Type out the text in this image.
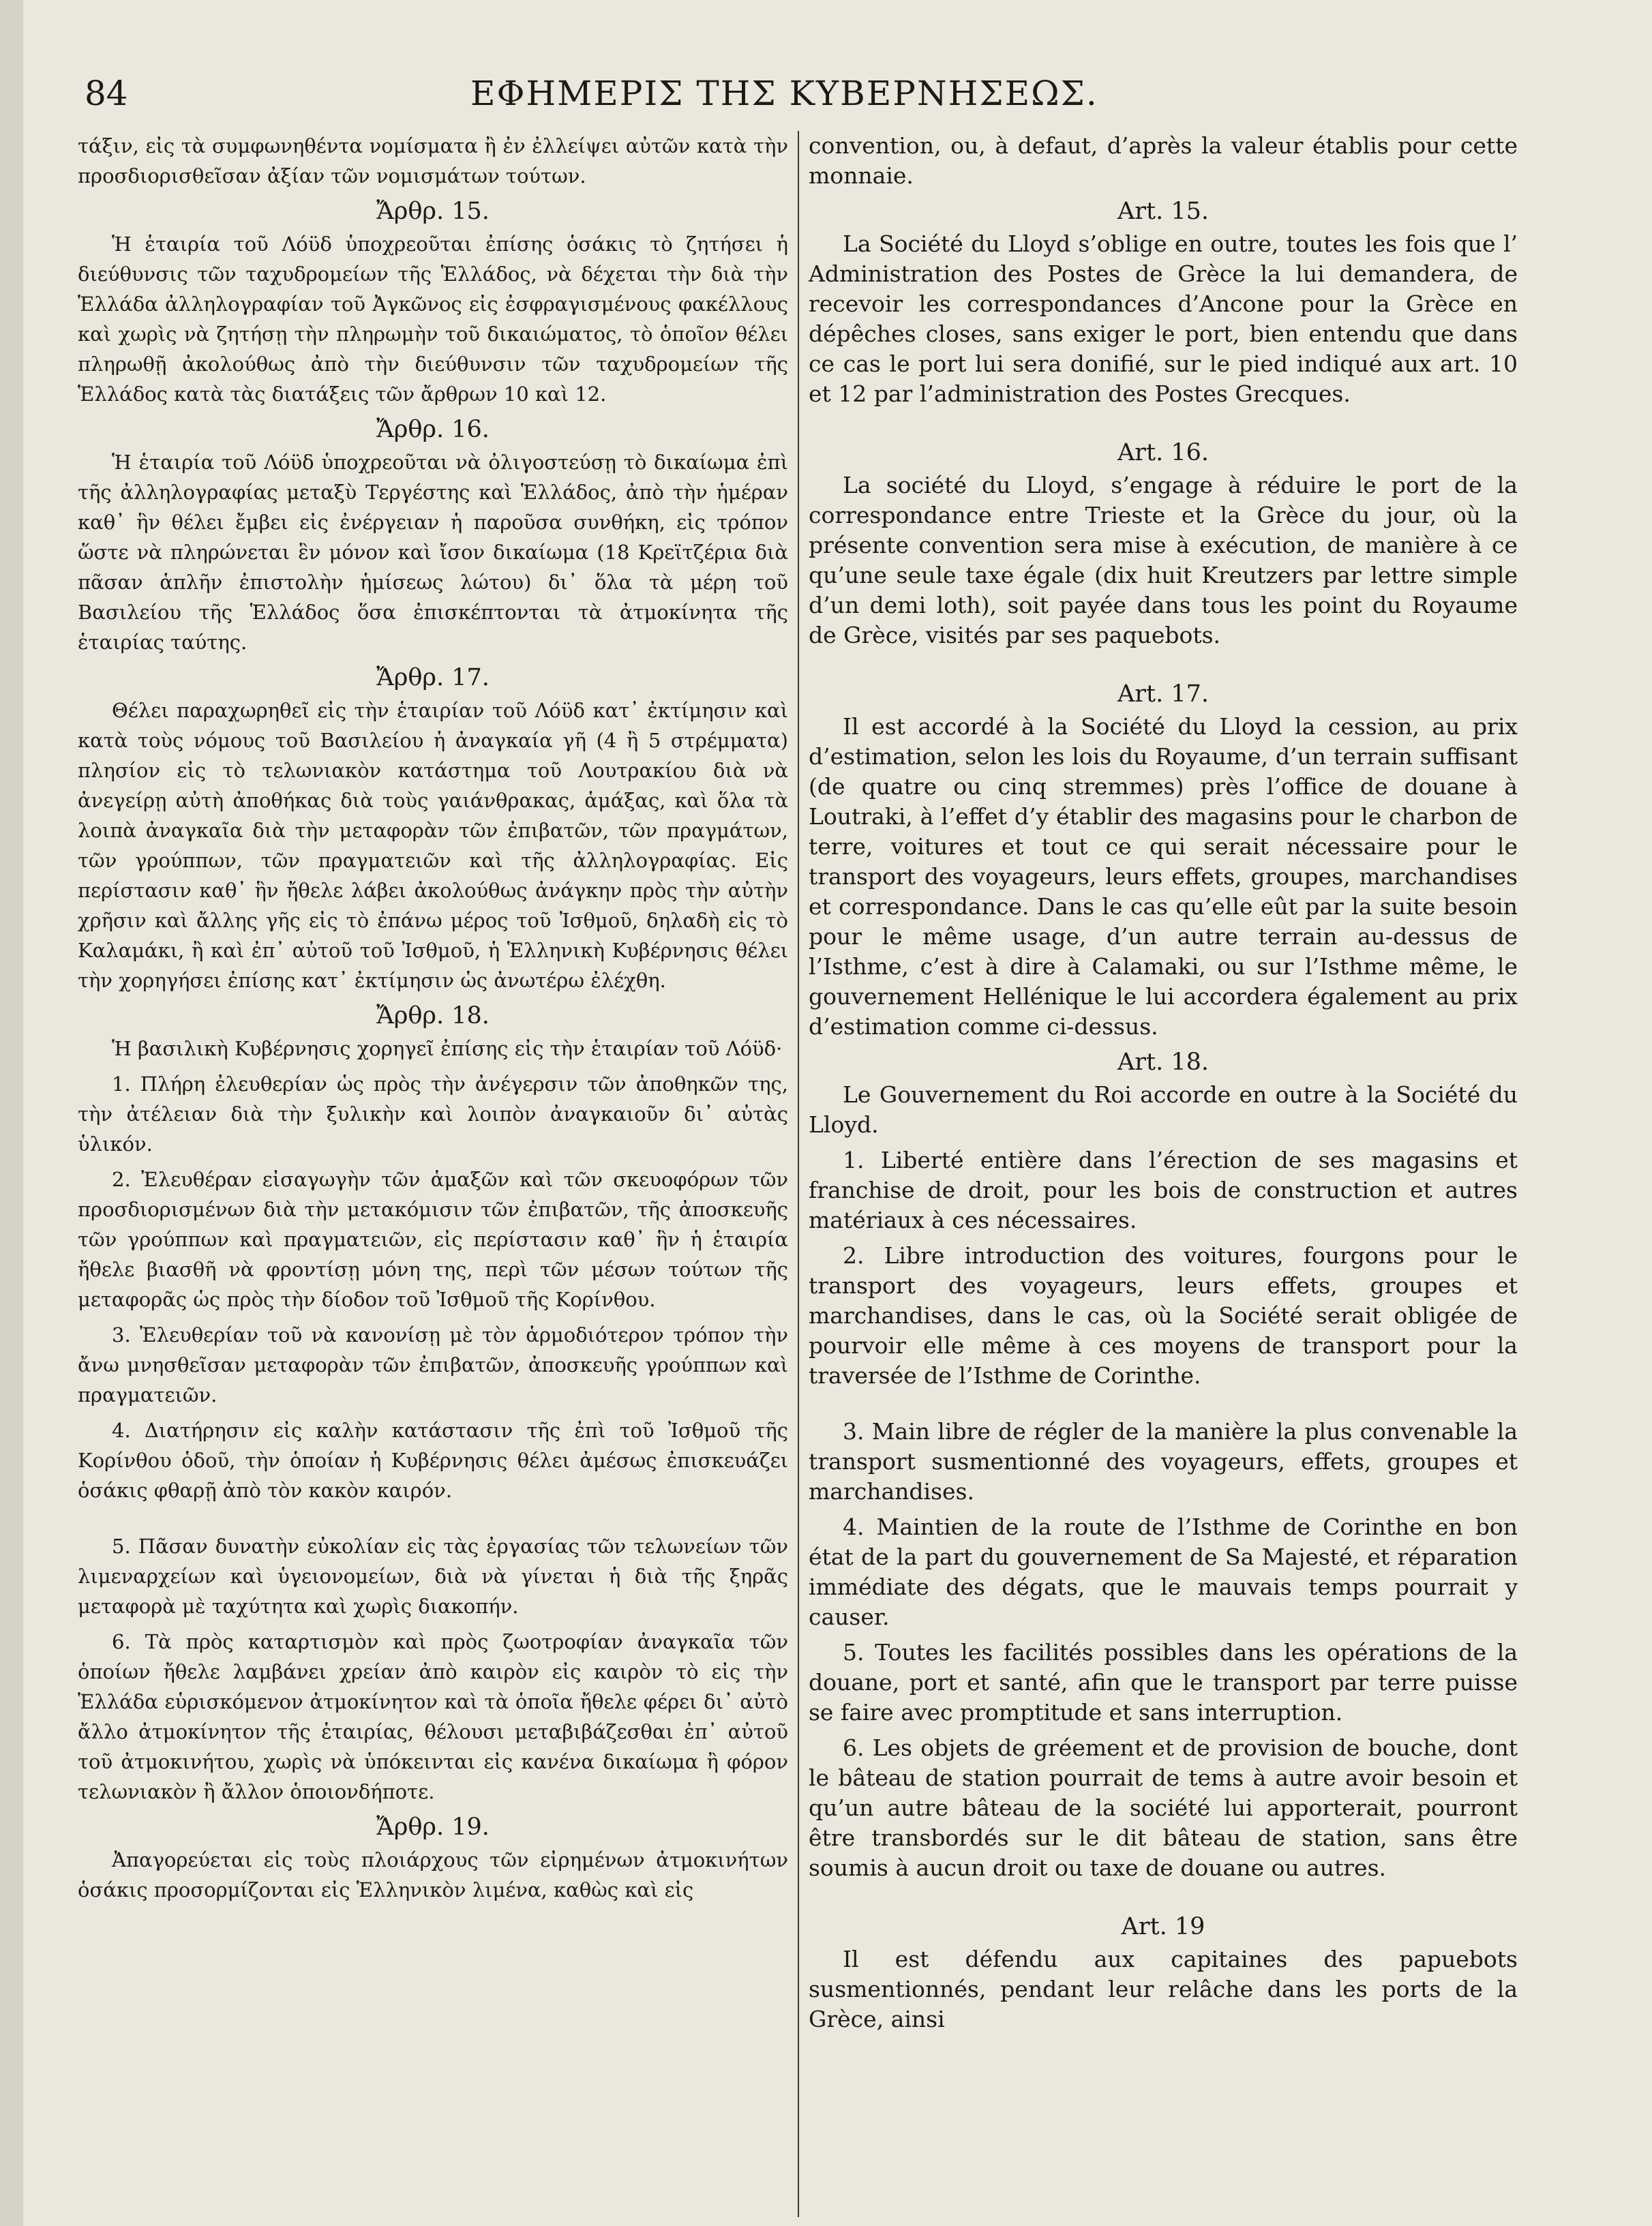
84	ΕΦΗΜΕΡΙΣ ΤΗΣ ΚΥΒΕΡΝΗΣΕΩΣ.

τάξιν, εἰς τὰ συμφωνηθέντα νομίσματα ἢ ἐν ἐλλείψει αὐτῶν κατὰ τὴν προσδιορισθεῖσαν ἀξίαν τῶν νομισμάτων τούτων.

Ἄρθρ. 15.

Ἡ ἑταιρία τοῦ Λόϋδ ὑποχρεοῦται ἐπίσης ὁσάκις τὸ ζητήσει ἡ διεύθυνσις τῶν ταχυδρομείων τῆς Ἑλλάδος, νὰ δέχεται τὴν διὰ τὴν Ἑλλάδα ἀλληλογραφίαν τοῦ Ἀγκῶνος εἰς ἐσφραγισμένους φακέλλους καὶ χωρὶς νὰ ζητήσῃ τὴν πληρωμὴν τοῦ δικαιώματος, τὸ ὁποῖον θέλει πληρωθῇ ἀκολούθως ἀπὸ τὴν διεύθυνσιν τῶν ταχυδρομείων τῆς Ἑλλάδος κατὰ τὰς διατάξεις τῶν ἄρθρων 10 καὶ 12.

Ἄρθρ. 16.

Ἡ ἑταιρία τοῦ Λόϋδ ὑποχρεοῦται νὰ ὀλιγοστεύσῃ τὸ δικαίωμα ἐπὶ τῆς ἀλληλογραφίας μεταξὺ Τεργέστης καὶ Ἑλλάδος, ἀπὸ τὴν ἡμέραν καθ᾽ ἣν θέλει ἔμβει εἰς ἐνέργειαν ἡ παροῦσα συνθήκη, εἰς τρόπον ὥστε νὰ πληρώνεται ἓν μόνον καὶ ἴσον δικαίωμα (18 Κρεϊτζέρια διὰ πᾶσαν ἁπλῆν ἐπιστολὴν ἡμίσεως λώτου) δι᾽ ὅλα τὰ μέρη τοῦ Βασιλείου τῆς Ἑλλάδος ὅσα ἐπισκέπτονται τὰ ἀτμοκίνητα τῆς ἑταιρίας ταύτης.

Ἄρθρ. 17.

Θέλει παραχωρηθεῖ εἰς τὴν ἑταιρίαν τοῦ Λόϋδ κατ᾽ ἐκτίμησιν καὶ κατὰ τοὺς νόμους τοῦ Βασιλείου ἡ ἀναγκαία γῆ (4 ἢ 5 στρέμματα) πλησίον εἰς τὸ τελωνιακὸν κατάστημα τοῦ Λουτρακίου διὰ νὰ ἀνεγείρῃ αὐτὴ ἀποθήκας διὰ τοὺς γαιάνθρακας, ἁμάξας, καὶ ὅλα τὰ λοιπὰ ἀναγκαῖα διὰ τὴν μεταφορὰν τῶν ἐπιβατῶν, τῶν πραγμάτων, τῶν γρούππων, τῶν πραγματειῶν καὶ τῆς ἀλληλογραφίας. Εἰς περίστασιν καθ᾽ ἣν ἤθελε λάβει ἀκολούθως ἀνάγκην πρὸς τὴν αὐτὴν χρῆσιν καὶ ἄλλης γῆς εἰς τὸ ἐπάνω μέρος τοῦ Ἰσθμοῦ, δηλαδὴ εἰς τὸ Καλαμάκι, ἢ καὶ ἐπ᾽ αὐτοῦ τοῦ Ἰσθμοῦ, ἡ Ἑλληνικὴ Κυβέρνησις θέλει τὴν χορηγήσει ἐπίσης κατ᾽ ἐκτίμησιν ὡς ἀνωτέρω ἐλέχθη.

Ἄρθρ. 18.

Ἡ βασιλικὴ Κυβέρνησις χορηγεῖ ἐπίσης εἰς τὴν ἑταιρίαν τοῦ Λόϋδ·

1. Πλήρη ἐλευθερίαν ὡς πρὸς τὴν ἀνέγερσιν τῶν ἀποθηκῶν της, τὴν ἀτέλειαν διὰ τὴν ξυλικὴν καὶ λοιπὸν ἀναγκαιοῦν δι᾽ αὐτὰς ὑλικόν.

2. Ἐλευθέραν εἰσαγωγὴν τῶν ἁμαξῶν καὶ τῶν σκευοφόρων τῶν προσδιορισμένων διὰ τὴν μετακόμισιν τῶν ἐπιβατῶν, τῆς ἀποσκευῆς τῶν γρούππων καὶ πραγματειῶν, εἰς περίστασιν καθ᾽ ἣν ἡ ἑταιρία ἤθελε βιασθῆ νὰ φροντίσῃ μόνη της, περὶ τῶν μέσων τούτων τῆς μεταφορᾶς ὡς πρὸς τὴν δίοδον τοῦ Ἰσθμοῦ τῆς Κορίνθου.

3. Ἐλευθερίαν τοῦ νὰ κανονίσῃ μὲ τὸν ἁρμοδιότερον τρόπον τὴν ἄνω μνησθεῖσαν μεταφορὰν τῶν ἐπιβατῶν, ἀποσκευῆς γρούππων καὶ πραγματειῶν.

4. Διατήρησιν εἰς καλὴν κατάστασιν τῆς ἐπὶ τοῦ Ἰσθμοῦ τῆς Κορίνθου ὁδοῦ, τὴν ὁποίαν ἡ Κυβέρνησις θέλει ἀμέσως ἐπισκευάζει ὁσάκις φθαρῇ ἀπὸ τὸν κακὸν καιρόν.

5. Πᾶσαν δυνατὴν εὐκολίαν εἰς τὰς ἐργασίας τῶν τελωνείων τῶν λιμεναρχείων καὶ ὑγειονομείων, διὰ νὰ γίνεται ἡ διὰ τῆς ξηρᾶς μεταφορὰ μὲ ταχύτητα καὶ χωρὶς διακοπήν.

6. Τὰ πρὸς καταρτισμὸν καὶ πρὸς ζωοτροφίαν ἀναγκαῖα τῶν ὁποίων ἤθελε λαμβάνει χρείαν ἀπὸ καιρὸν εἰς καιρὸν τὸ εἰς τὴν Ἑλλάδα εὑρισκόμενον ἀτμοκίνητον καὶ τὰ ὁποῖα ἤθελε φέρει δι᾽ αὐτὸ ἄλλο ἀτμοκίνητον τῆς ἑταιρίας, θέλουσι μεταβιβάζεσθαι ἐπ᾽ αὐτοῦ τοῦ ἀτμοκινήτου, χωρὶς νὰ ὑπόκεινται εἰς κανένα δικαίωμα ἢ φόρον τελωνιακὸν ἢ ἄλλον ὁποιονδήποτε.

Ἄρθρ. 19.

Ἀπαγορεύεται εἰς τοὺς πλοιάρχους τῶν εἰρημένων ἀτμοκινήτων ὁσάκις προσορμίζονται εἰς Ἑλληνικὸν λιμένα, καθὼς καὶ εἰς

convention, ou, à defaut, d’après la valeur établis pour cette monnaie.

Art. 15.

La Société du Lloyd s’oblige en outre, toutes les fois que l’ Administration des Postes de Grèce la lui demandera, de recevoir les correspondances d’Ancone pour la Grèce en dépêches closes, sans exiger le port, bien entendu que dans ce cas le port lui sera donifié, sur le pied indiqué aux art. 10 et 12 par l’administration des Postes Grecques.

Art. 16.

La société du Lloyd, s’engage à réduire le port de la correspondance entre Trieste et la Grèce du jour, où la présente convention sera mise à exécution, de manière à ce qu’une seule taxe égale (dix huit Kreutzers par lettre simple d’un demi loth), soit payée dans tous les point du Royaume de Grèce, visités par ses paquebots.

Art. 17.

Il est accordé à la Société du Lloyd la cession, au prix d’estimation, selon les lois du Royaume, d’un terrain suffisant (de quatre ou cinq stremmes) près l’office de douane à Loutraki, à l’effet d’y établir des magasins pour le charbon de terre, voitures et tout ce qui serait nécessaire pour le transport des voyageurs, leurs effets, groupes, marchandises et correspondance. Dans le cas qu’elle eût par la suite besoin pour le même usage, d’un autre terrain au-dessus de l’Isthme, c’est à dire à Calamaki, ou sur l’Isthme même, le gouvernement Hellénique le lui accordera également au prix d’estimation comme ci-dessus.

Art. 18.

Le Gouvernement du Roi accorde en outre à la Société du Lloyd.

1. Liberté entière dans l’érection de ses magasins et franchise de droit, pour les bois de construction et autres matériaux à ces nécessaires.

2. Libre introduction des voitures, fourgons pour le transport des voyageurs, leurs effets, groupes et marchandises, dans le cas, où la Société serait obligée de pourvoir elle même à ces moyens de transport pour la traversée de l’Isthme de Corinthe.

3. Main libre de régler de la manière la plus convenable la transport susmentionné des voyageurs, effets, groupes et marchandises.

4. Maintien de la route de l’Isthme de Corinthe en bon état de la part du gouvernement de Sa Majesté, et réparation immédiate des dégats, que le mauvais temps pourrait y causer.

5. Toutes les facilités possibles dans les opérations de la douane, port et santé, afin que le transport par terre puisse se faire avec promptitude et sans interruption.

6. Les objets de gréement et de provision de bouche, dont le bâteau de station pourrait de tems à autre avoir besoin et qu’un autre bâteau de la société lui apporterait, pourront être transbordés sur le dit bâteau de station, sans être soumis à aucun droit ou taxe de douane ou autres.

Art. 19

Il est défendu aux capitaines des papuebots susmentionnés, pendant leur relâche dans les ports de la Grèce, ainsi
